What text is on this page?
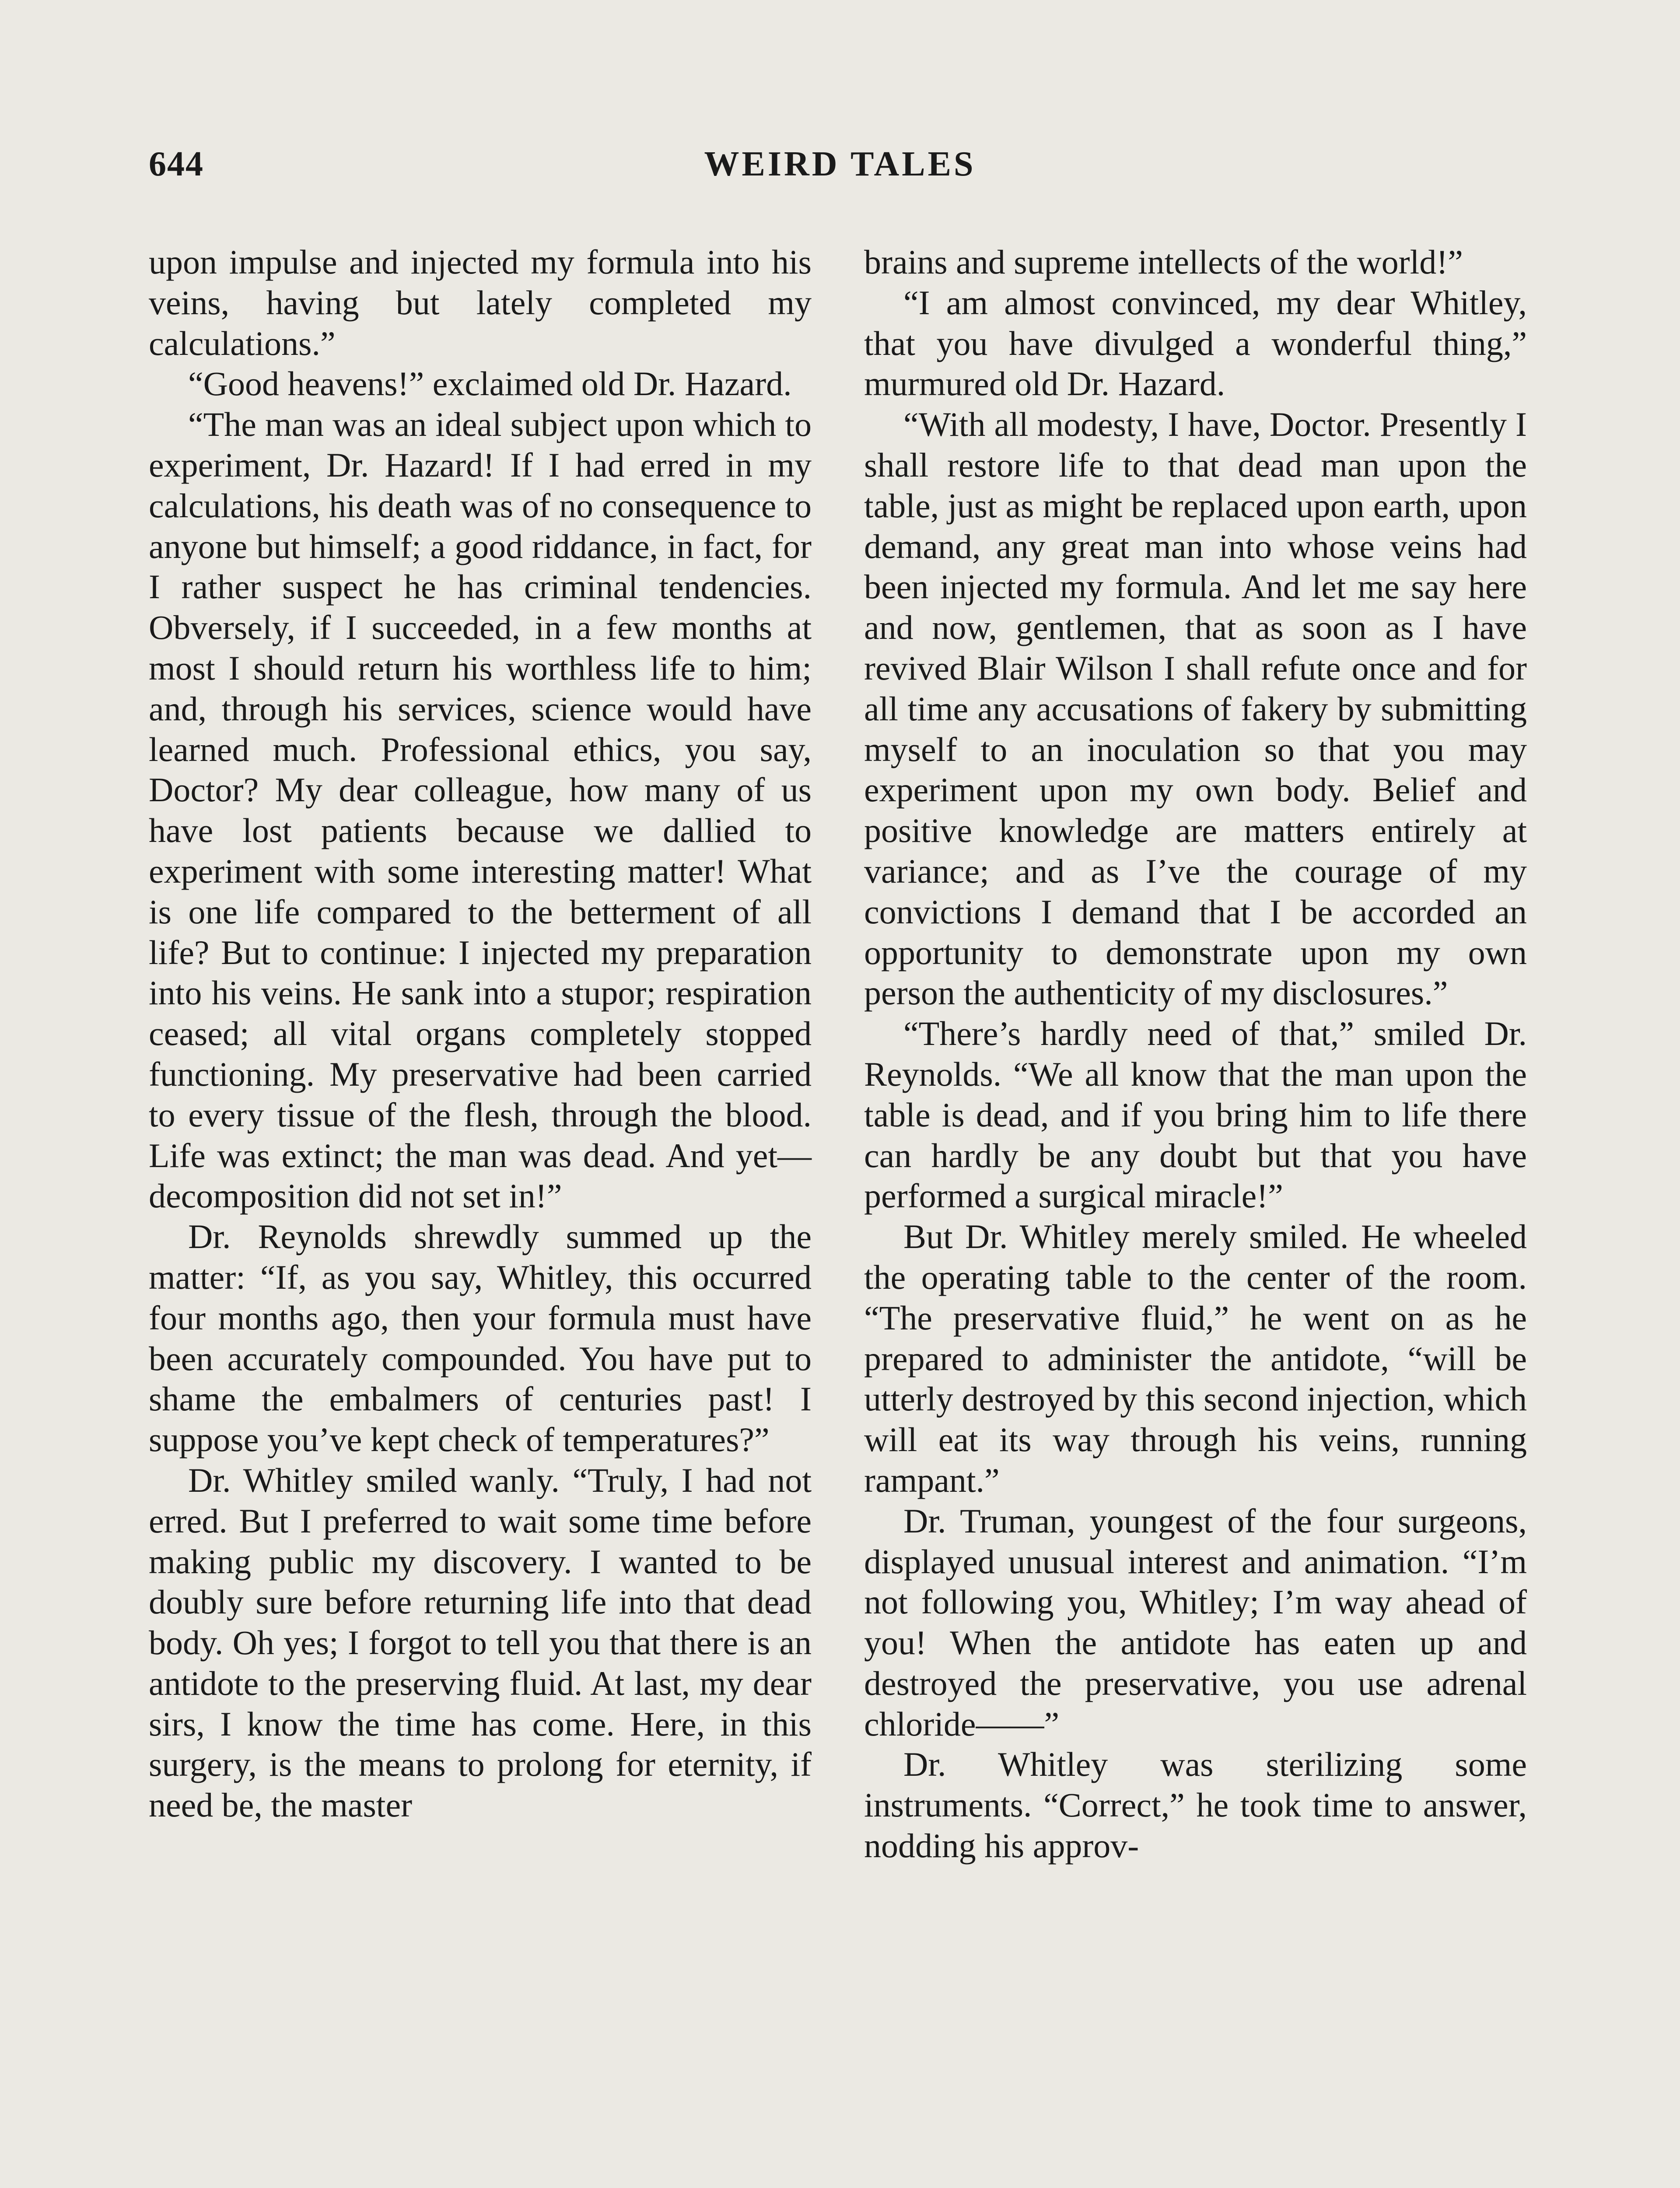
644	WEIRD TALES

upon impulse and injected my formula into his veins, having but lately completed my calculations.”

“Good heavens!” exclaimed old Dr. Hazard.

“The man was an ideal subject upon which to experiment, Dr. Hazard! If I had erred in my calculations, his death was of no consequence to anyone but himself; a good riddance, in fact, for I rather suspect he has criminal tendencies. Obversely, if I succeeded, in a few months at most I should return his worthless life to him; and, through his services, science would have learned much. Professional ethics, you say, Doctor? My dear colleague, how many of us have lost patients because we dallied to experiment with some interesting matter! What is one life compared to the betterment of all life? But to continue: I injected my preparation into his veins. He sank into a stupor; respiration ceased; all vital organs completely stopped functioning. My preservative had been carried to every tissue of the flesh, through the blood. Life was extinct; the man was dead. And yet—decomposition did not set in!”

Dr. Reynolds shrewdly summed up the matter: “If, as you say, Whitley, this occurred four months ago, then your formula must have been accurately compounded. You have put to shame the embalmers of centuries past! I suppose you’ve kept check of temperatures?”

Dr. Whitley smiled wanly. “Truly, I had not erred. But I preferred to wait some time before making public my discovery. I wanted to be doubly sure before returning life into that dead body. Oh yes; I forgot to tell you that there is an antidote to the preserving fluid. At last, my dear sirs, I know the time has come. Here, in this surgery, is the means to prolong for eternity, if need be, the master

brains and supreme intellects of the world!”

“I am almost convinced, my dear Whitley, that you have divulged a wonderful thing,” murmured old Dr. Hazard.

“With all modesty, I have, Doctor. Presently I shall restore life to that dead man upon the table, just as might be replaced upon earth, upon demand, any great man into whose veins had been injected my formula. And let me say here and now, gentlemen, that as soon as I have revived Blair Wilson I shall refute once and for all time any accusations of fakery by submitting myself to an inoculation so that you may experiment upon my own body. Belief and positive knowledge are matters entirely at variance; and as I’ve the courage of my convictions I demand that I be accorded an opportunity to demonstrate upon my own person the authenticity of my disclosures.”

“There’s hardly need of that,” smiled Dr. Reynolds. “We all know that the man upon the table is dead, and if you bring him to life there can hardly be any doubt but that you have performed a surgical miracle!”

But Dr. Whitley merely smiled. He wheeled the operating table to the center of the room. “The preservative fluid,” he went on as he prepared to administer the antidote, “will be utterly destroyed by this second injection, which will eat its way through his veins, running rampant.”

Dr. Truman, youngest of the four surgeons, displayed unusual interest and animation. “I’m not following you, Whitley; I’m way ahead of you! When the antidote has eaten up and destroyed the preservative, you use adrenal chloride——”

Dr. Whitley was sterilizing some instruments. “Correct,” he took time to answer, nodding his approv-
